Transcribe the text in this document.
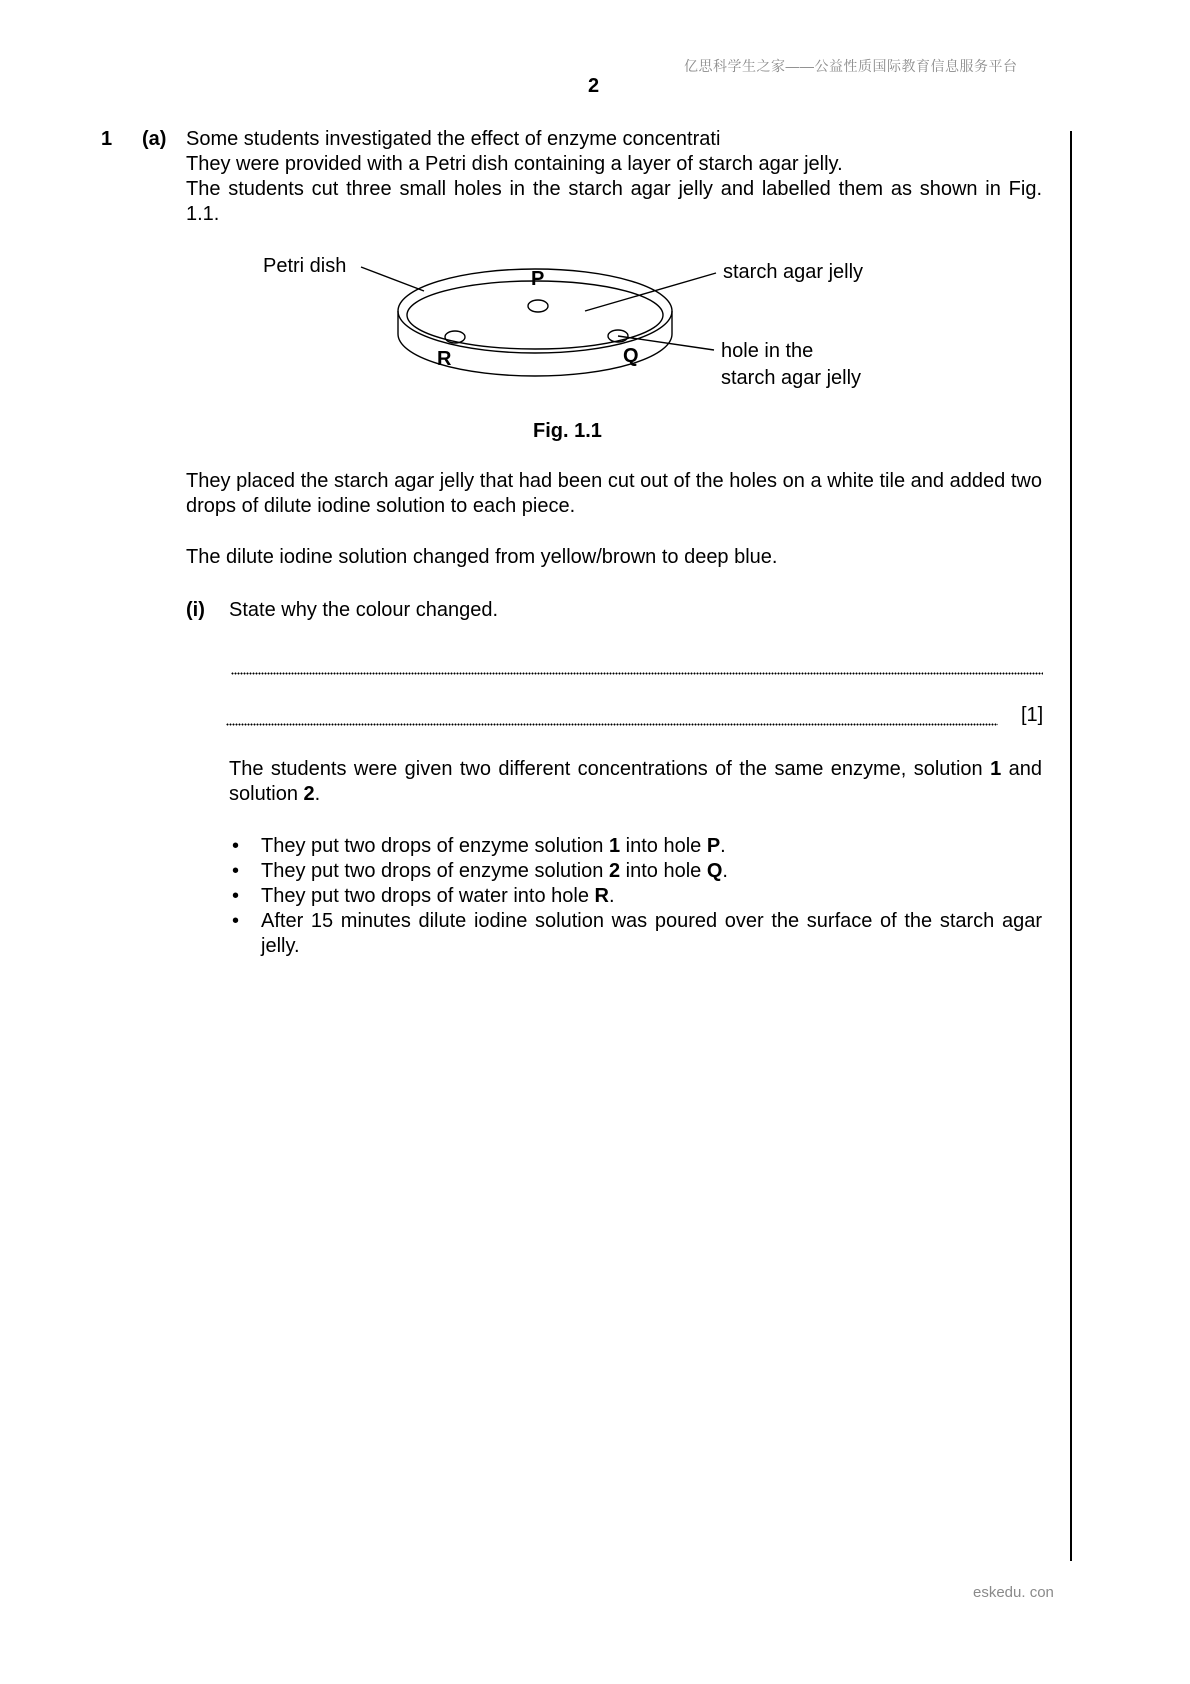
亿思科学生之家——公益性质国际教育信息服务平台
2
1 (a) Some students investigated the effect of enzyme concentrati

They were provided with a Petri dish containing a layer of starch agar jelly.

The students cut three small holes in the starch agar jelly and labelled them as shown in Fig. 1.1.

Petri dish	starch agar jelly
hole in the
starch agar jelly
P
R	Q
Fig. 1.1

They placed the starch agar jelly that had been cut out of the holes on a white tile and added two drops of dilute iodine solution to each piece.

The dilute iodine solution changed from yellow/brown to deep blue.

(i) State why the colour changed.
[1]
The students were given two different concentrations of the same enzyme, solution 1 and solution 2.
• They put two drops of enzyme solution 1 into hole P.
• They put two drops of enzyme solution 2 into hole Q.
• They put two drops of water into hole R.
• After 15 minutes dilute iodine solution was poured over the surface of the starch agar jelly.
eskedu. con
